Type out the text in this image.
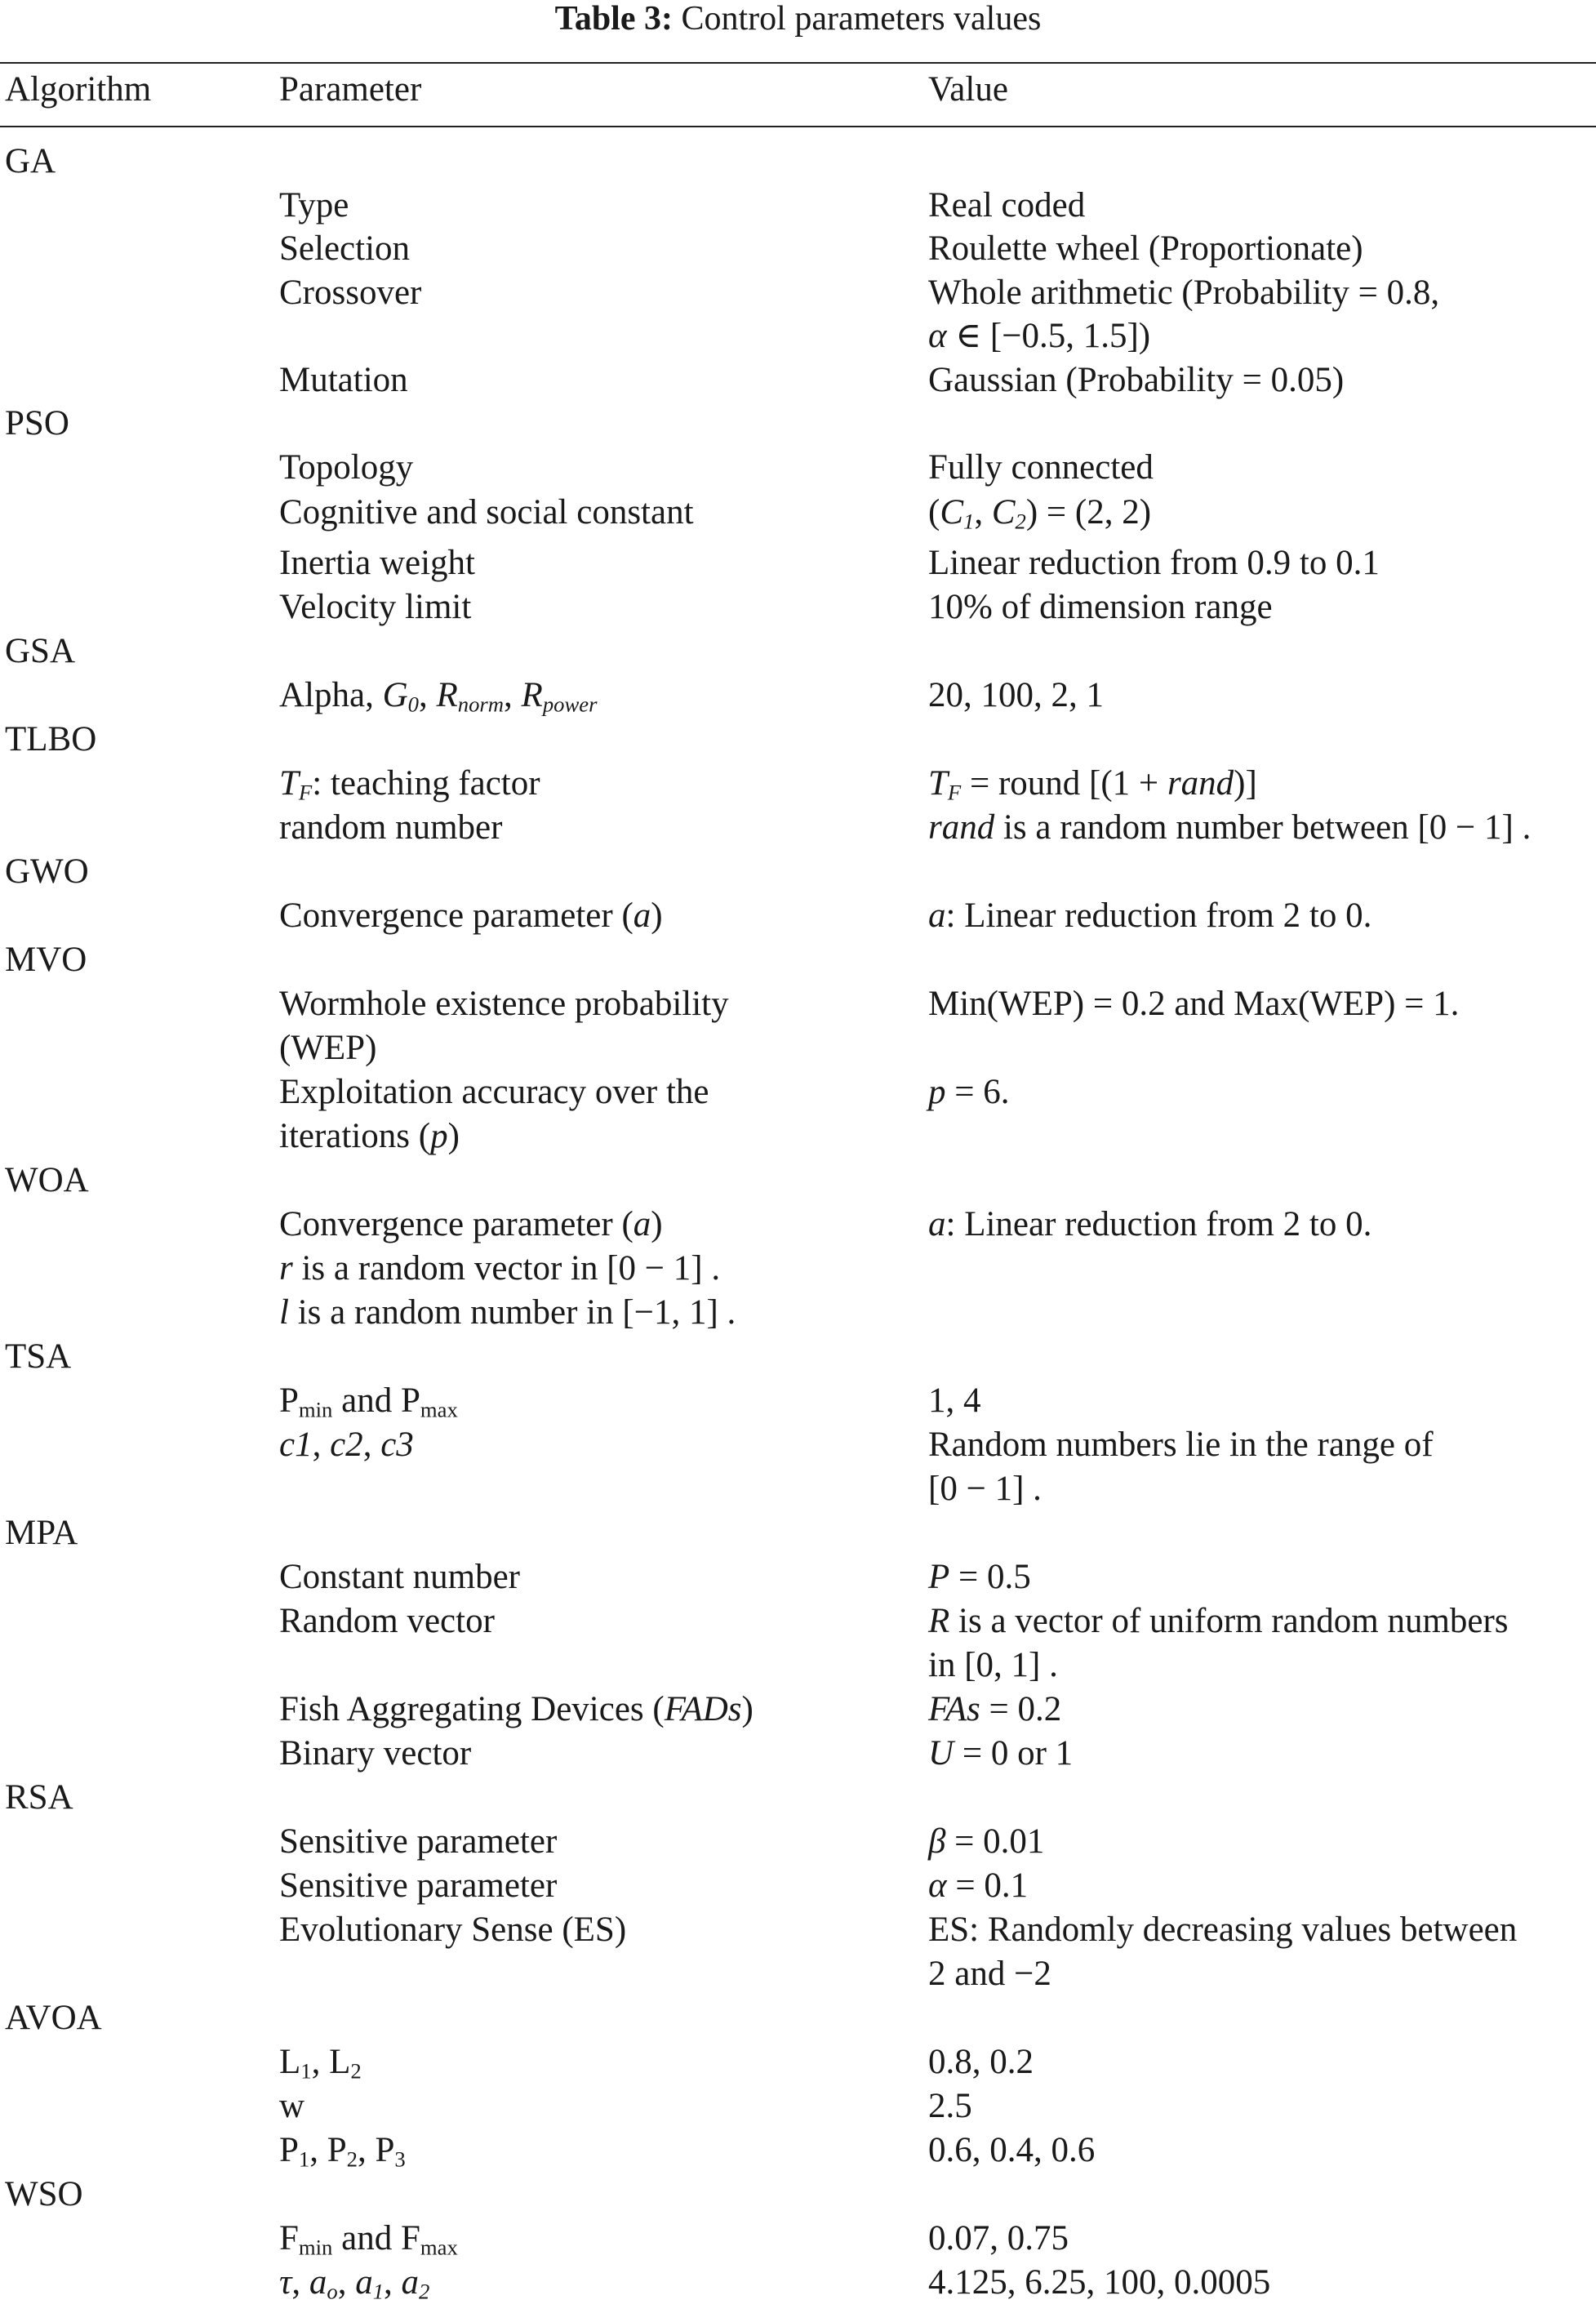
Table 3: Control parameters values
Algorithm	Parameter	Value
GA
Type	Real coded
Selection	Roulette wheel (Proportionate)
Crossover	Whole arithmetic (Probability = 0.8,
α ∈ [−0.5, 1.5])
Mutation	Gaussian (Probability = 0.05)
PSO
Topology	Fully connected
Cognitive and social constant	($C_1$, $C_2) = (2$, 2)
Inertia weight	Linear reduction from 0.9 to 0.1
Velocity limit	10% of dimension range
GSA
Alpha, $G_0$, $R_{norm}$, $R_{power}$	20, 100, 2, 1
TLBO
$T_F$: teaching factor	$T_F$ = round [(1 + rand)]
random number	rand is a random number between [0 − 1] .
GWO
Convergence parameter (a)	a: Linear reduction from 2 to 0.
MVO
Wormhole existence probability	Min(WEP) = 0.2 and Max(WEP) = 1.
(WEP)
Exploitation accuracy over the	p = 6.
iterations (p)
WOA
Convergence parameter (a)	a: Linear reduction from 2 to 0.
r is a random vector in [0 − 1] .
l is a random number in [−1, 1] .
TSA
$P_{min}$ and $P_{max}$	1, 4
c1, c2, c3	Random numbers lie in the range of
[0 − 1] .
MPA
Constant number	P = 0.5
Random vector	R is a vector of uniform random numbers
in [0, 1] .
Fish Aggregating Devices (FADs)	FAs = 0.2
Binary vector	U = 0 or 1
RSA
Sensitive parameter	β = 0.01
Sensitive parameter	α = 0.1
Evolutionary Sense (ES)	ES: Randomly decreasing values between
2 and −2
AVOA
$L_1$, $L_2$	0.8, 0.2
w	2.5
$P_1$, $P_2$, $P_3$	0.6, 0.4, 0.6
WSO
$F_{min}$ and $F_{max}$	0.07, 0.75
τ, $a_o$, $a_1$, $a_2$	4.125, 6.25, 100, 0.0005
